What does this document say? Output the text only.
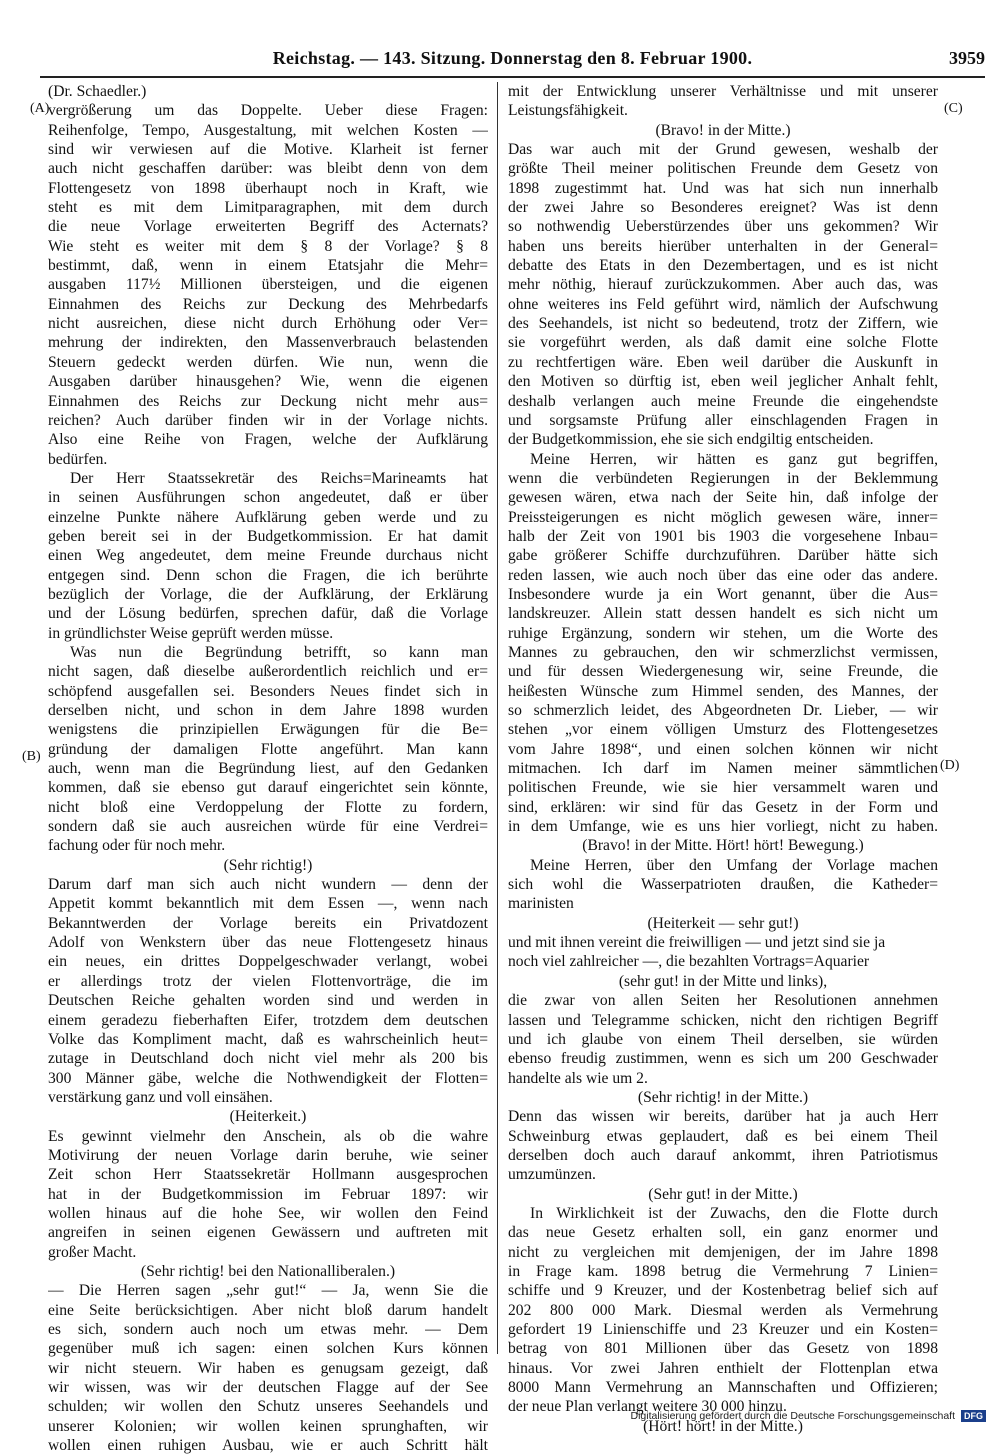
Reichstag. — 143. Sitzung. Donnerstag den 8. Februar 1900.	3959
(A)
(B)
(C)
(D)
(Dr. Schaedler.)
vergrößerung um das Doppelte. Ueber diese Fragen:
Reihenfolge, Tempo, Ausgestaltung, mit welchen Kosten —
sind wir verwiesen auf die Motive. Klarheit ist ferner
auch nicht geschaffen darüber: was bleibt denn von dem
Flottengesetz von 1898 überhaupt noch in Kraft, wie
steht es mit dem Limitparagraphen, mit dem durch
die neue Vorlage erweiterten Begriff des Acternats?
Wie steht es weiter mit dem § 8 der Vorlage? § 8
bestimmt, daß, wenn in einem Etatsjahr die Mehr=
ausgaben 117½ Millionen übersteigen, und die eigenen
Einnahmen des Reichs zur Deckung des Mehrbedarfs
nicht ausreichen, diese nicht durch Erhöhung oder Ver=
mehrung der indirekten, den Massenverbrauch belastenden
Steuern gedeckt werden dürfen. Wie nun, wenn die
Ausgaben darüber hinausgehen? Wie, wenn die eigenen
Einnahmen des Reichs zur Deckung nicht mehr aus=
reichen? Auch darüber finden wir in der Vorlage nichts.
Also eine Reihe von Fragen, welche der Aufklärung
bedürfen.
Der Herr Staatssekretär des Reichs=Marineamts hat
in seinen Ausführungen schon angedeutet, daß er über
einzelne Punkte nähere Aufklärung geben werde und zu
geben bereit sei in der Budgetkommission. Er hat damit
einen Weg angedeutet, dem meine Freunde durchaus nicht
entgegen sind. Denn schon die Fragen, die ich berührte
bezüglich der Vorlage, die der Aufklärung, der Erklärung
und der Lösung bedürfen, sprechen dafür, daß die Vorlage
in gründlichster Weise geprüft werden müsse.
Was nun die Begründung betrifft, so kann man
nicht sagen, daß dieselbe außerordentlich reichlich und er=
schöpfend ausgefallen sei. Besonders Neues findet sich in
derselben nicht, und schon in dem Jahre 1898 wurden
wenigstens die prinzipiellen Erwägungen für die Be=
gründung der damaligen Flotte angeführt. Man kann
auch, wenn man die Begründung liest, auf den Gedanken
kommen, daß sie ebenso gut darauf eingerichtet sein könnte,
nicht bloß eine Verdoppelung der Flotte zu fordern,
sondern daß sie auch ausreichen würde für eine Verdrei=
fachung oder für noch mehr.
(Sehr richtig!)
Darum darf man sich auch nicht wundern — denn der
Appetit kommt bekanntlich mit dem Essen —, wenn nach
Bekanntwerden der Vorlage bereits ein Privatdozent
Adolf von Wenkstern über das neue Flottengesetz hinaus
ein neues, ein drittes Doppelgeschwader verlangt, wobei
er allerdings trotz der vielen Flottenvorträge, die im
Deutschen Reiche gehalten worden sind und werden in
einem geradezu fieberhaften Eifer, trotzdem dem deutschen
Volke das Kompliment macht, daß es wahrscheinlich heut=
zutage in Deutschland doch nicht viel mehr als 200 bis
300 Männer gäbe, welche die Nothwendigkeit der Flotten=
verstärkung ganz und voll einsähen.
(Heiterkeit.)
Es gewinnt vielmehr den Anschein, als ob die wahre
Motivirung der neuen Vorlage darin beruhe, wie seiner
Zeit schon Herr Staatssekretär Hollmann ausgesprochen
hat in der Budgetkommission im Februar 1897: wir
wollen hinaus auf die hohe See, wir wollen den Feind
angreifen in seinen eigenen Gewässern und auftreten mit
großer Macht.
(Sehr richtig! bei den Nationalliberalen.)
— Die Herren sagen „sehr gut!“ — Ja, wenn Sie die
eine Seite berücksichtigen. Aber nicht bloß darum handelt
es sich, sondern auch noch um etwas mehr. — Dem
gegenüber muß ich sagen: einen solchen Kurs können
wir nicht steuern. Wir haben es genugsam gezeigt, daß
wir wissen, was wir der deutschen Flagge auf der See
schulden; wir wollen den Schutz unseres Seehandels und
unserer Kolonien; wir wollen keinen sprunghaften, wir
wollen einen ruhigen Ausbau, wie er auch Schritt hält
mit der Entwicklung unserer Verhältnisse und mit unserer
Leistungsfähigkeit.
(Bravo! in der Mitte.)
Das war auch mit der Grund gewesen, weshalb der
größte Theil meiner politischen Freunde dem Gesetz von
1898 zugestimmt hat. Und was hat sich nun innerhalb
der zwei Jahre so Besonderes ereignet? Was ist denn
so nothwendig Ueberstürzendes über uns gekommen? Wir
haben uns bereits hierüber unterhalten in der General=
debatte des Etats in den Dezembertagen, und es ist nicht
mehr nöthig, hierauf zurückzukommen. Aber auch das, was
ohne weiteres ins Feld geführt wird, nämlich der Aufschwung
des Seehandels, ist nicht so bedeutend, trotz der Ziffern, wie
sie vorgeführt werden, als daß damit eine solche Flotte
zu rechtfertigen wäre. Eben weil darüber die Auskunft in
den Motiven so dürftig ist, eben weil jeglicher Anhalt fehlt,
deshalb verlangen auch meine Freunde die eingehendste
und sorgsamste Prüfung aller einschlagenden Fragen in
der Budgetkommission, ehe sie sich endgiltig entscheiden.
Meine Herren, wir hätten es ganz gut begriffen,
wenn die verbündeten Regierungen in der Beklemmung
gewesen wären, etwa nach der Seite hin, daß infolge der
Preissteigerungen es nicht möglich gewesen wäre, inner=
halb der Zeit von 1901 bis 1903 die vorgesehene Inbau=
gabe größerer Schiffe durchzuführen. Darüber hätte sich
reden lassen, wie auch noch über das eine oder das andere.
Insbesondere wurde ja ein Wort genannt, über die Aus=
landskreuzer. Allein statt dessen handelt es sich nicht um
ruhige Ergänzung, sondern wir stehen, um die Worte des
Mannes zu gebrauchen, den wir schmerzlichst vermissen,
und für dessen Wiedergenesung wir, seine Freunde, die
heißesten Wünsche zum Himmel senden, des Mannes, der
so schmerzlich leidet, des Abgeordneten Dr. Lieber, — wir
stehen „vor einem völligen Umsturz des Flottengesetzes
vom Jahre 1898“, und einen solchen können wir nicht
mitmachen. Ich darf im Namen meiner sämmtlichen
politischen Freunde, wie sie hier versammelt waren und
sind, erklären: wir sind für das Gesetz in der Form und
in dem Umfange, wie es uns hier vorliegt, nicht zu haben.
(Bravo! in der Mitte. Hört! hört! Bewegung.)
Meine Herren, über den Umfang der Vorlage machen
sich wohl die Wasserpatrioten draußen, die Katheder=
marinisten
(Heiterkeit — sehr gut!)
und mit ihnen vereint die freiwilligen — und jetzt sind sie ja
noch viel zahlreicher —, die bezahlten Vortrags=Aquarier
(sehr gut! in der Mitte und links),
die zwar von allen Seiten her Resolutionen annehmen
lassen und Telegramme schicken, nicht den richtigen Begriff
und ich glaube von einem Theil derselben, sie würden
ebenso freudig zustimmen, wenn es sich um 200 Geschwader
handelte als wie um 2.
(Sehr richtig! in der Mitte.)
Denn das wissen wir bereits, darüber hat ja auch Herr
Schweinburg etwas geplaudert, daß es bei einem Theil
derselben doch auch darauf ankommt, ihren Patriotismus
umzumünzen.
(Sehr gut! in der Mitte.)
In Wirklichkeit ist der Zuwachs, den die Flotte durch
das neue Gesetz erhalten soll, ein ganz enormer und
nicht zu vergleichen mit demjenigen, der im Jahre 1898
in Frage kam. 1898 betrug die Vermehrung 7 Linien=
schiffe und 9 Kreuzer, und der Kostenbetrag belief sich auf
202 800 000 Mark. Diesmal werden als Vermehrung
gefordert 19 Linienschiffe und 23 Kreuzer und ein Kosten=
betrag von 801 Millionen über das Gesetz von 1898
hinaus. Vor zwei Jahren enthielt der Flottenplan etwa
8000 Mann Vermehrung an Mannschaften und Offizieren;
der neue Plan verlangt weitere 30 000 hinzu.
(Hört! hört! in der Mitte.)
Digitalisierung gefördert durch die Deutsche Forschungsgemeinschaft	DFG
